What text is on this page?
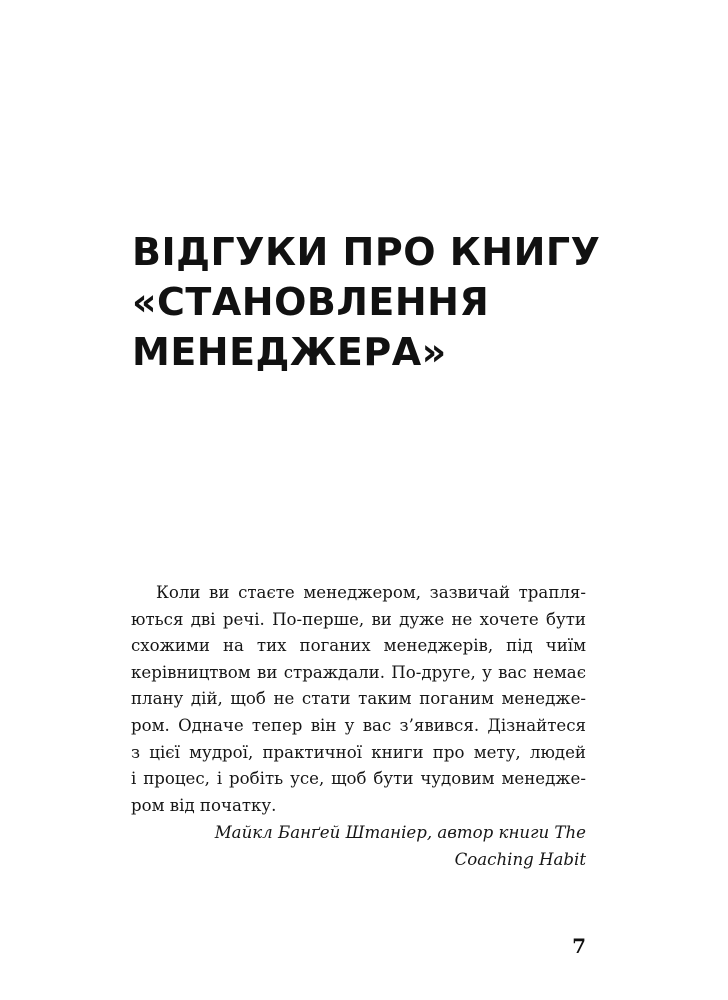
ВІДГУКИ ПРО КНИГУ
«СТАНОВЛЕННЯ
МЕНЕДЖЕРА»
Коли ви стаєте менеджером, зазвичай трапля-
ються дві речі. По-перше, ви дуже не хочете бути
схожими на тих поганих менеджерів, під чиїм
керівництвом ви страждали. По-друге, у вас немає
плану дій, щоб не стати таким поганим менедже-
ром. Одначе тепер він у вас з’явився. Дізнайтеся
з цієї мудрої, практичної книги про мету, людей
і процес, і робіть усе, щоб бути чудовим менедже-
ром від початку.
Майкл Банґей Штаніер, автор книги The
Coaching Habit
7
